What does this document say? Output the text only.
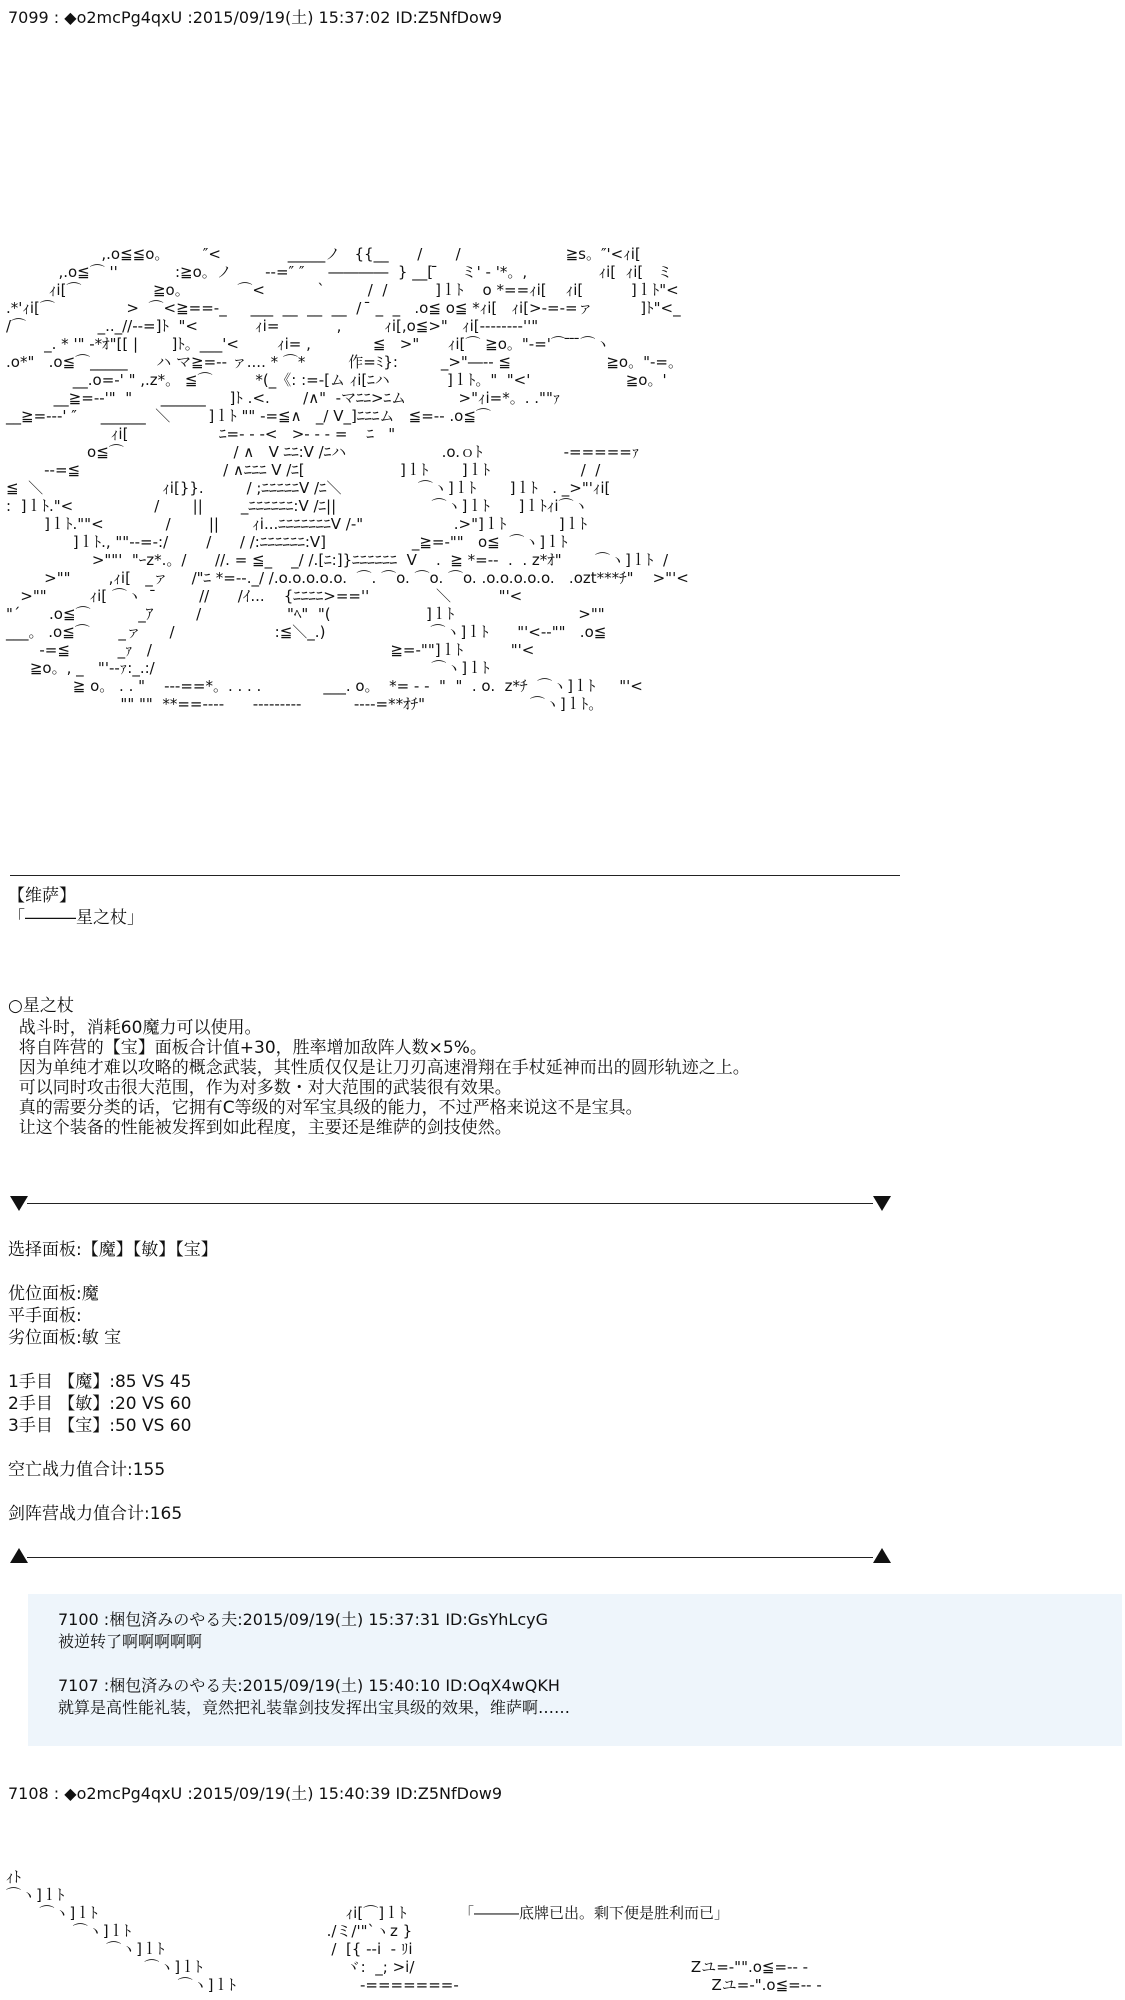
7099 : ◆o2mcPg4qxU :2015/09/19(土) 15:37:02 ID:Z5NfDow9
,.o≦≦o。       ″<              _____ノ   {{__      /       /                      ≧s。″'<ｨi[
,.o≦⌒ ''            :≧o。ノ       --=″ ″     ――――  } __[ ̄     ミ' - '*。,               ｨi[  ｨi[   ミ
ｨi[⌒               ≧o。          ⌒<           `         /  /          ]ｌﾄ    o *==ｨi[    ｨi[          ]ｌﾄ"<
.*'ｨi[⌒               >  ⌒<≧==-_     ___  __  __  __  /  ̄ _  _   .o≦ o≦ *ｨi[   ｨi[>-=‐=ァ          ]ﾄ"<_
/⌒               _.._//--=]ﾄ  "<            ｨi=            ,         ｨi[,o≦>"   ｨi[--------''"
_. * '" -*ｵ"[[ |       ]ﾄ。___'<        ｨi= ,             ≦   >"      ｨi[⌒ ≧o。"-='⌒ ̄ ̄ ̄⌒ヽ
.o*"   .o≦⌒_____      ハ マ≧=-- ァ.... * ⌒*         作=ﾐ}:         _>"―-- ≦                    ≧o。"-=。
__.o=-' " ,.z*。 ≦⌒         *(_《: :=-[ム ｨi[ﾆハ            ]ｌﾄ。"  "<'                    ≧o。'
__≧=-‐'"  "      ______     ]ﾄ .<.       /∧"  -マﾆﾆ>ﾆム           >"ｨi=*。. .""ｧ
__≧=-‐-' ″     ______  ＼        ]ｌﾄ "" -=≦∧   _/ V_]ﾆﾆﾆム   ≦=-- .o≦⌒
ｨi[                   ﾆ=- - -<   >- - - =    ﾆ   "
o≦⌒                       / ∧   V ﾆﾆ:V /ﾆハ                    .o.ｏﾄ                 -=====ｧ
-‐=≦                              / ∧ﾆﾆﾆ V /ﾆ[                    ]ｌﾄ       ]ｌﾄ                   /  /
≦  ＼                         ｨi[}}.         / ;ﾆﾆﾆﾆﾆV /ﾆ＼                ⌒ヽ]ｌﾄ       ]ｌﾄ   . _>"'ｨi[
:  ]ｌﾄ."<                 /       ||        _ﾆﾆﾆﾆﾆﾆ:V /ﾆ||                    ⌒ヽ]ｌﾄ      ]ｌﾄｨi⌒ヽ
]ｌﾄ.""<             /        ||       ｨi...ﾆﾆﾆﾆﾆﾆﾆV /-"                   .>"]ｌﾄ           ]ｌﾄ
]ｌﾄ., ""-‐=-:/        /      / /:ﾆﾆﾆﾆﾆﾆ:V]                  _≧=-""   o≦  ⌒ヽ]ｌﾄ
>""'  "ｰz*.。/      //. = ≦_    _/ /.[ﾆ:]}ﾆﾆﾆﾆﾆﾆ  V    .  ≧ *=‐-  .  . z*ｵ"       ⌒ヽ]ｌﾄ  /
>""        ,ｨi[   _ァ     /"ﾆ *=--._/ /.o.o.o.o.o.  ⌒. ⌒o. ⌒o. ⌒o. .o.o.o.o.o.   .ozt***ﾁ"    >"'<
>""         ｨi[ ⌒ヽ   ̄         //      /ｲ...    {ﾆﾆﾆﾆ>==''              ＼          "'<
"´      .o≦⌒          _ｱ         /                  "ﾍ"  "(                    ]ｌﾄ                          >""
___。 .o≦⌒      _ァ      /                     :≦＼_.)                      ⌒ヽ]ｌﾄ      "'<--""   .o≦
-=≦          _ｧ   /                                                  ≧=-""]ｌﾄ          "'<
≧o。, _   "'--ｧ:_.:/                                                          ⌒ヽ]ｌﾄ
≧ o。 . . "    ---==*。. . . .             ___. o。  *= - -  "  "  . o.  z*ﾁ  ⌒ヽ]ｌﾄ     "'<
"" ""  **==----      ---------           ----=**ｵﾁ"                      ⌒ヽ]ｌﾄ。
【维萨】
「―――星之杖」
○星之杖
战斗时，消耗60魔力可以使用。
将自阵营的【宝】面板合计值+30，胜率增加敌阵人数×5%。
因为单纯才难以攻略的概念武装，其性质仅仅是让刀刃高速滑翔在手杖延神而出的圆形轨迹之上。
可以同时攻击很大范围，作为对多数・对大范围的武装很有效果。
真的需要分类的话，它拥有C等级的对军宝具级的能力，不过严格来说这不是宝具。
让这个装备的性能被发挥到如此程度，主要还是维萨的剑技使然。
选择面板:【魔】【敏】【宝】
优位面板:魔
平手面板:
劣位面板:敏 宝
1手目 【魔】:85 VS 45
2手目 【敏】:20 VS 60
3手目 【宝】:50 VS 60
空亡战力值合计:155
剑阵营战力值合计:165
7100 :梱包済みのやる夫:2015/09/19(土) 15:37:31 ID:GsYhLcyG
被逆转了啊啊啊啊啊
7107 :梱包済みのやる夫:2015/09/19(土) 15:40:10 ID:OqX4wQKH
就算是高性能礼装，竟然把礼装靠剑技发挥出宝具级的效果，维萨啊……
7108 : ◆o2mcPg4qxU :2015/09/19(土) 15:40:39 ID:Z5NfDow9
ｨﾄ
⌒ヽ]ｌﾄ
⌒ヽ]ｌﾄ                                                    ｨi[⌒]ｌﾄ           「―――底牌已出。剩下便是胜利而已」
⌒ヽ]ｌﾄ                                         ./ミ/'"`ヽz }
⌒ヽ]ｌﾄ                                   /  [{ --i  - ﾘi
⌒ヽ]ｌﾄ                              ヾ:  _; >i/                                                          Zユ=-"".o≦=-- -
⌒ヽ]ｌﾄ                          -=======-                                                     Zユ=-".o≦=-- -
